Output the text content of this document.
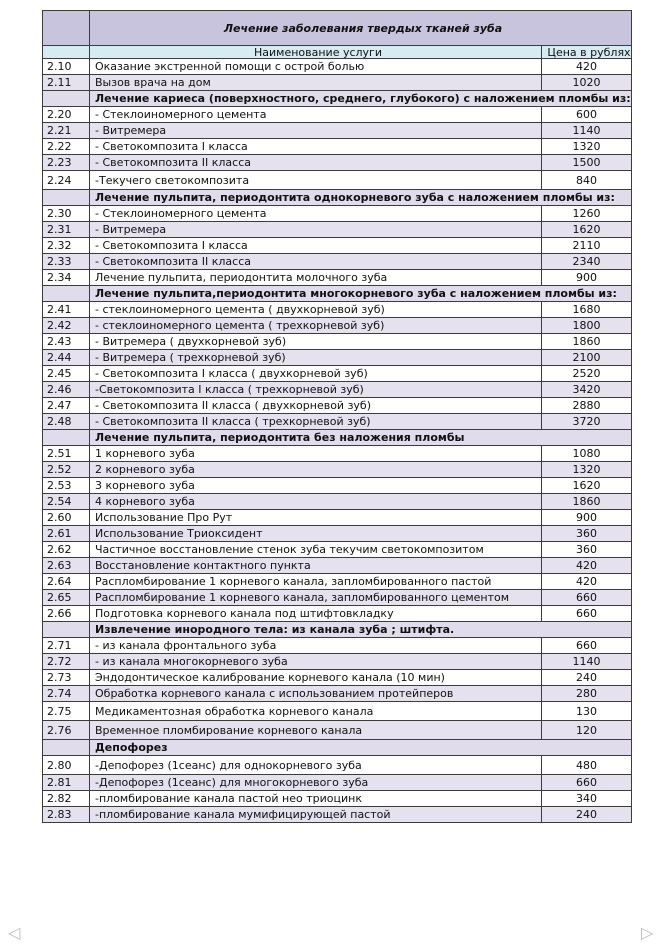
	Лечение заболевания твердых тканей зуба	
	Наименование услуги	Цена в рублях
2.10	Оказание экстренной помощи с острой болью	420
2.11	Вызов врача на дом	1020
	Лечение кариеса (поверхностного, среднего, глубокого) с наложением пломбы из:	
2.20	- Стеклоиномерного цемента	600
2.21	- Витремера	1140
2.22	- Светокомпозита I класса	1320
2.23	- Светокомпозита II класса	1500
2.24	-Текучего светокомпозита	840
	Лечение пульпита, периодонтита однокорневого зуба с наложением пломбы из:	
2.30	- Стеклоиномерного цемента	1260
2.31	- Витремера	1620
2.32	- Светокомпозита I класса	2110
2.33	- Светокомпозита II класса	2340
2.34	Лечение пульпита, периодонтита молочного зуба	900
	Лечение пульпита,периодонтита многокорневого зуба с наложением пломбы из:	
2.41	- стеклоиномерного цемента ( двухкорневой зуб)	1680
2.42	- стеклоиномерного цемента ( трехкорневой зуб)	1800
2.43	- Витремера ( двухкорневой зуб)	1860
2.44	- Витремера ( трехкорневой зуб)	2100
2.45	- Светокомпозита I класса ( двухкорневой зуб)	2520
2.46	-Светокомпозита I класса ( трехкорневой зуб)	3420
2.47	- Светокомпозита II класса ( двухкорневой зуб)	2880
2.48	- Светокомпозита II класса ( трехкорневой зуб)	3720
	Лечение пульпита, периодонтита без наложения пломбы	
2.51	1 корневого зуба	1080
2.52	2 корневого зуба	1320
2.53	3 корневого зуба	1620
2.54	4 корневого зуба	1860
2.60	Использование Про Рут	900
2.61	Использование Триоксидент	360
2.62	Частичное восстановление стенок зуба текучим светокомпозитом	360
2.63	Восстановление контактного пункта	420
2.64	Распломбирование 1 корневого канала, запломбированного пастой	420
2.65	Распломбирование 1 корневого канала, запломбированного цементом	660
2.66	Подготовка корневого канала под штифтовкладку	660
	Извлечение инородного тела: из канала зуба ; штифта.	
2.71	- из канала фронтального зуба	660
2.72	- из канала многокорневого зуба	1140
2.73	Эндодонтическое калибрование корневого канала (10 мин)	240
2.74	Обработка корневого канала с использованием протейперов	280
2.75	Медикаментозная обработка корневого канала	130
2.76	Временное пломбирование корневого канала	120
	Депофорез	
2.80	-Депофорез (1сеанс) для однокорневого зуба	480
2.81	-Депофорез (1сеанс) для многокорневого зуба	660
2.82	-пломбирование канала пастой нео триоцинк	340
2.83	-пломбирование канала мумифицирующей пастой	240
◁	▷
